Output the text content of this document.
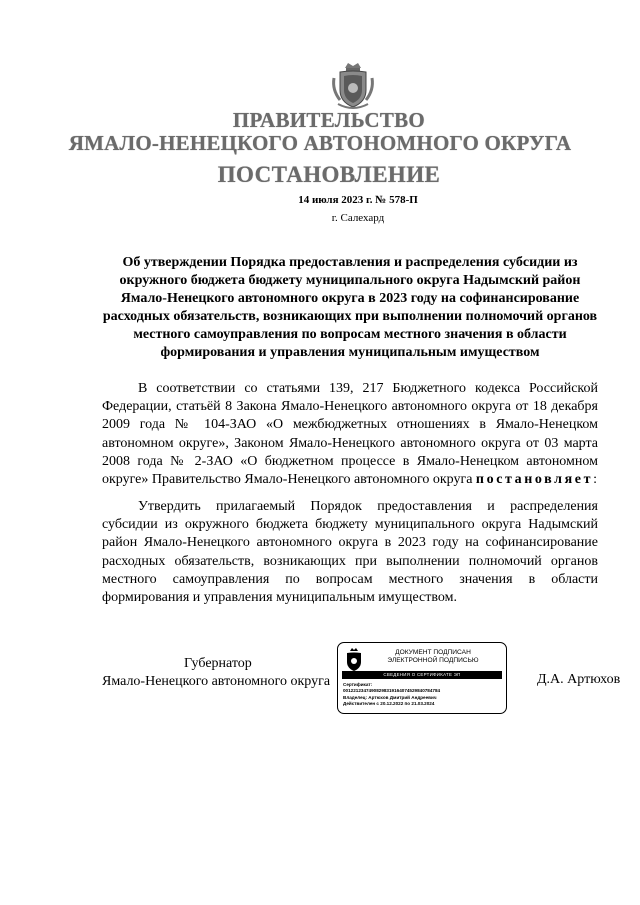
ПРАВИТЕЛЬСТВО
ЯМАЛО-НЕНЕЦКОГО АВТОНОМНОГО ОКРУГА
ПОСТАНОВЛЕНИЕ
14 июля 2023 г. № 578-П
г. Салехард
Об утверждении Порядка предоставления и распределения субсидии из окружного бюджета бюджету муниципального округа Надымский район Ямало-Ненецкого автономного округа в 2023 году на софинансирование расходных обязательств, возникающих при выполнении полномочий органов местного самоуправления по вопросам местного значения в области формирования и управления муниципальным имуществом
В соответствии со статьями 139, 217 Бюджетного кодекса Российской Федерации, статьёй 8 Закона Ямало-Ненецкого автономного округа от 18 декабря 2009 года № 104-ЗАО «О межбюджетных отношениях в Ямало-Ненецком автономном округе», Законом Ямало-Ненецкого автономного округа от 03 марта 2008 года № 2-ЗАО «О бюджетном процессе в Ямало-Ненецком автономном округе» Правительство Ямало-Ненецкого автономного округа постановляет:
Утвердить прилагаемый Порядок предоставления и распределения субсидии из окружного бюджета бюджету муниципального округа Надымский район Ямало-Ненецкого автономного округа в 2023 году на софинансирование расходных обязательств, возникающих при выполнении полномочий органов местного самоуправления по вопросам местного значения в области формирования и управления муниципальным имуществом.
Губернатор
Ямало-Ненецкого автономного округа
ДОКУМЕНТ ПОДПИСАН
ЭЛЕКТРОННОЙ ПОДПИСЬЮ
СВЕДЕНИЯ О СЕРТИФИКАТЕ ЭП
Сертификат:
00122123474908298319164074529840784784
Владелец: Артюхов Дмитрий Андреевич
Действителен с 20.12.2022 по 21.03.2024
Д.А. Артюхов
